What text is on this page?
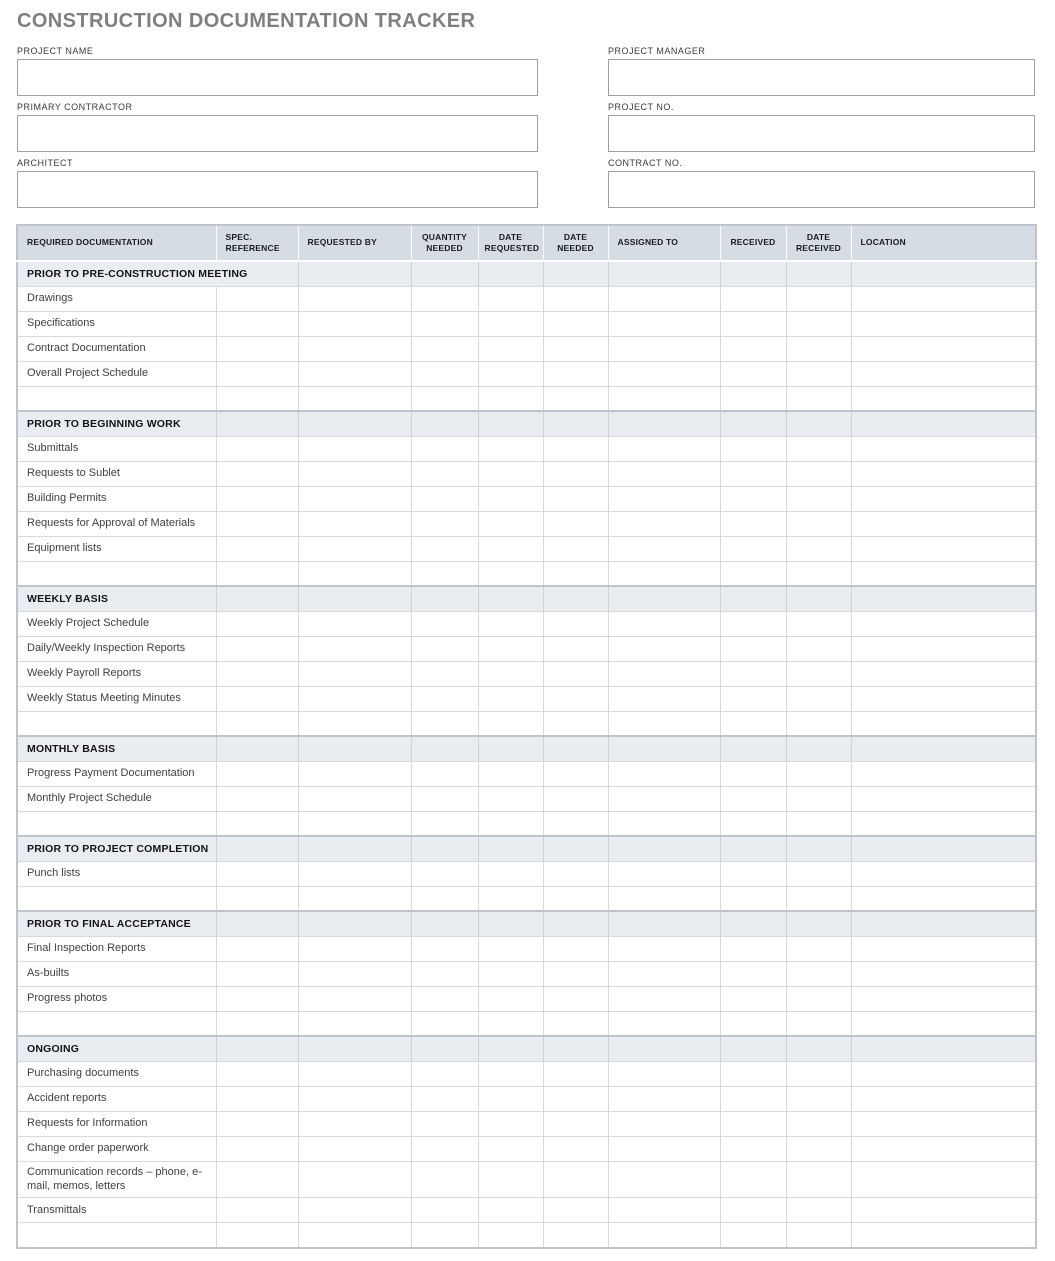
CONSTRUCTION DOCUMENTATION TRACKER
PROJECT NAME
PRIMARY CONTRACTOR
ARCHITECT
PROJECT MANAGER
PROJECT NO.
CONTRACT NO.
REQUIRED DOCUMENTATION	SPEC. REFERENCE	REQUESTED BY	QUANTITY NEEDED	DATE REQUESTED	DATE NEEDED	ASSIGNED TO	RECEIVED	DATE RECEIVED	LOCATION
PRIOR TO PRE-CONSTRUCTION MEETING									
Drawings									
Specifications									
Contract Documentation									
Overall Project Schedule									

PRIOR TO BEGINNING WORK									
Submittals									
Requests to Sublet									
Building Permits									
Requests for Approval of Materials									
Equipment lists									

WEEKLY BASIS									
Weekly Project Schedule									
Daily/Weekly Inspection Reports									
Weekly Payroll Reports									
Weekly Status Meeting Minutes									

MONTHLY BASIS									
Progress Payment Documentation									
Monthly Project Schedule									

PRIOR TO PROJECT COMPLETION									
Punch lists									

PRIOR TO FINAL ACCEPTANCE									
Final Inspection Reports									
As-builts									
Progress photos									

ONGOING									
Purchasing documents									
Accident reports									
Requests for Information									
Change order paperwork									
Communication records – phone, e-mail, memos, letters									
Transmittals									
